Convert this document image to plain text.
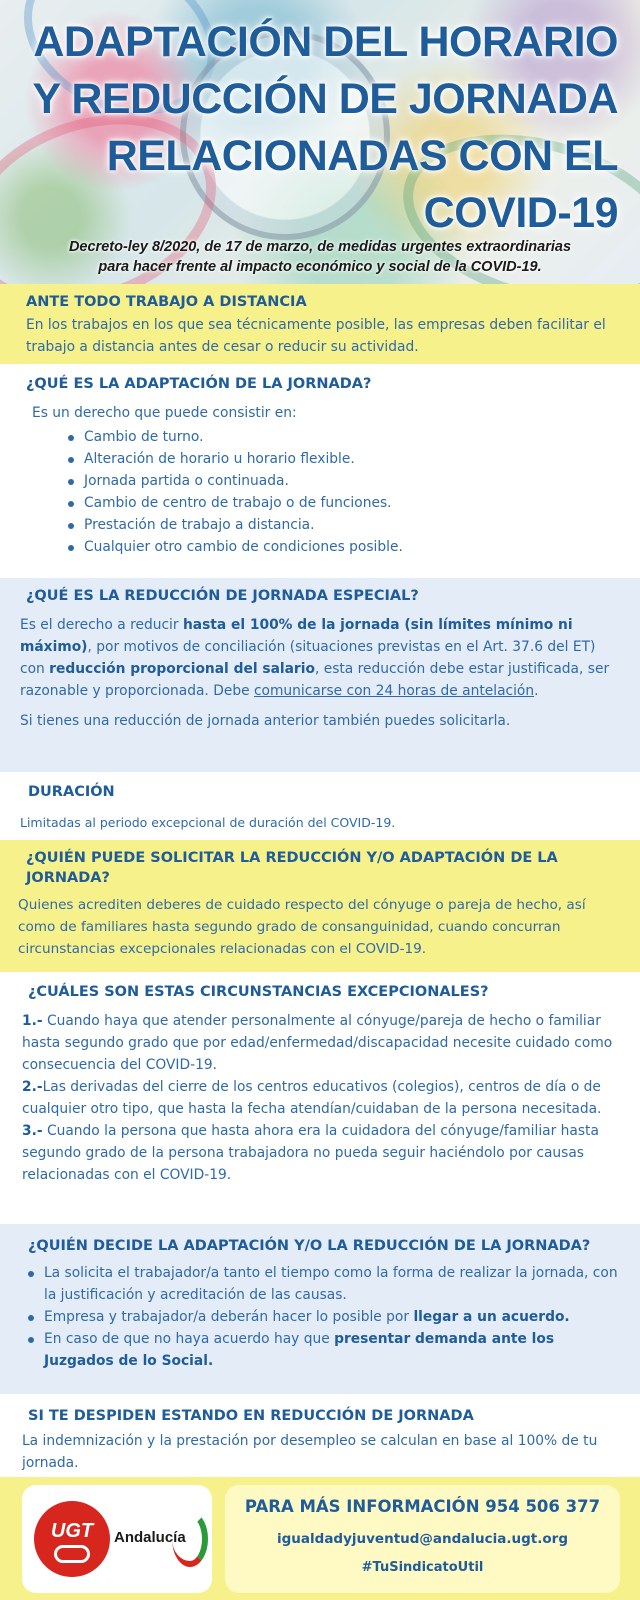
ADAPTACIÓN DEL HORARIO
Y REDUCCIÓN DE JORNADA
RELACIONADAS CON EL
COVID-19
Decreto-ley 8/2020, de 17 de marzo, de medidas urgentes extraordinarias
para hacer frente al impacto económico y social de la COVID-19.
ANTE TODO TRABAJO A DISTANCIA
En los trabajos en los que sea técnicamente posible, las empresas deben facilitar el trabajo a distancia antes de cesar o reducir su actividad.
¿QUÉ ES LA ADAPTACIÓN DE LA JORNADA?
Es un derecho que puede consistir en:
Cambio de turno.
Alteración de horario u horario flexible.
Jornada partida o continuada.
Cambio de centro de trabajo o de funciones.
Prestación de trabajo a distancia.
Cualquier otro cambio de condiciones posible.
¿QUÉ ES LA REDUCCIÓN DE JORNADA ESPECIAL?
Es el derecho a reducir hasta el 100% de la jornada (sin límites mínimo ni máximo), por motivos de conciliación (situaciones previstas en el Art. 37.6 del ET) con reducción proporcional del salario, esta reducción debe estar justificada, ser razonable y proporcionada. Debe comunicarse con 24 horas de antelación.
Si tienes una reducción de jornada anterior también puedes solicitarla.
DURACIÓN
Limitadas al periodo excepcional de duración del COVID-19.
¿QUIÉN PUEDE SOLICITAR LA REDUCCIÓN Y/O ADAPTACIÓN DE LA JORNADA?
Quienes acrediten deberes de cuidado respecto del cónyuge o pareja de hecho, así como de familiares hasta segundo grado de consanguinidad, cuando concurran circunstancias excepcionales relacionadas con el COVID-19.
¿CUÁLES SON ESTAS CIRCUNSTANCIAS EXCEPCIONALES?
1.- Cuando haya que atender personalmente al cónyuge/pareja de hecho o familiar hasta segundo grado que por edad/enfermedad/discapacidad necesite cuidado como consecuencia del COVID-19.
2.-Las derivadas del cierre de los centros educativos (colegios), centros de día o de cualquier otro tipo, que hasta la fecha atendían/cuidaban de la persona necesitada.
3.- Cuando la persona que hasta ahora era la cuidadora del cónyuge/familiar hasta segundo grado de la persona trabajadora no pueda seguir haciéndolo por causas relacionadas con el COVID-19.
¿QUIÉN DECIDE LA ADAPTACIÓN Y/O LA REDUCCIÓN DE LA JORNADA?
La solicita el trabajador/a tanto el tiempo como la forma de realizar la jornada, con la justificación y acreditación de las causas.
Empresa y trabajador/a deberán hacer lo posible por llegar a un acuerdo.
En caso de que no haya acuerdo hay que presentar demanda ante los Juzgados de lo Social.
SI TE DESPIDEN ESTANDO EN REDUCCIÓN DE JORNADA
La indemnización y la prestación por desempleo se calculan en base al 100% de tu jornada.
UGT	Andalucía
PARA MÁS INFORMACIÓN 954 506 377
igualdadyjuventud@andalucia.ugt.org
#TuSindicatoUtil
